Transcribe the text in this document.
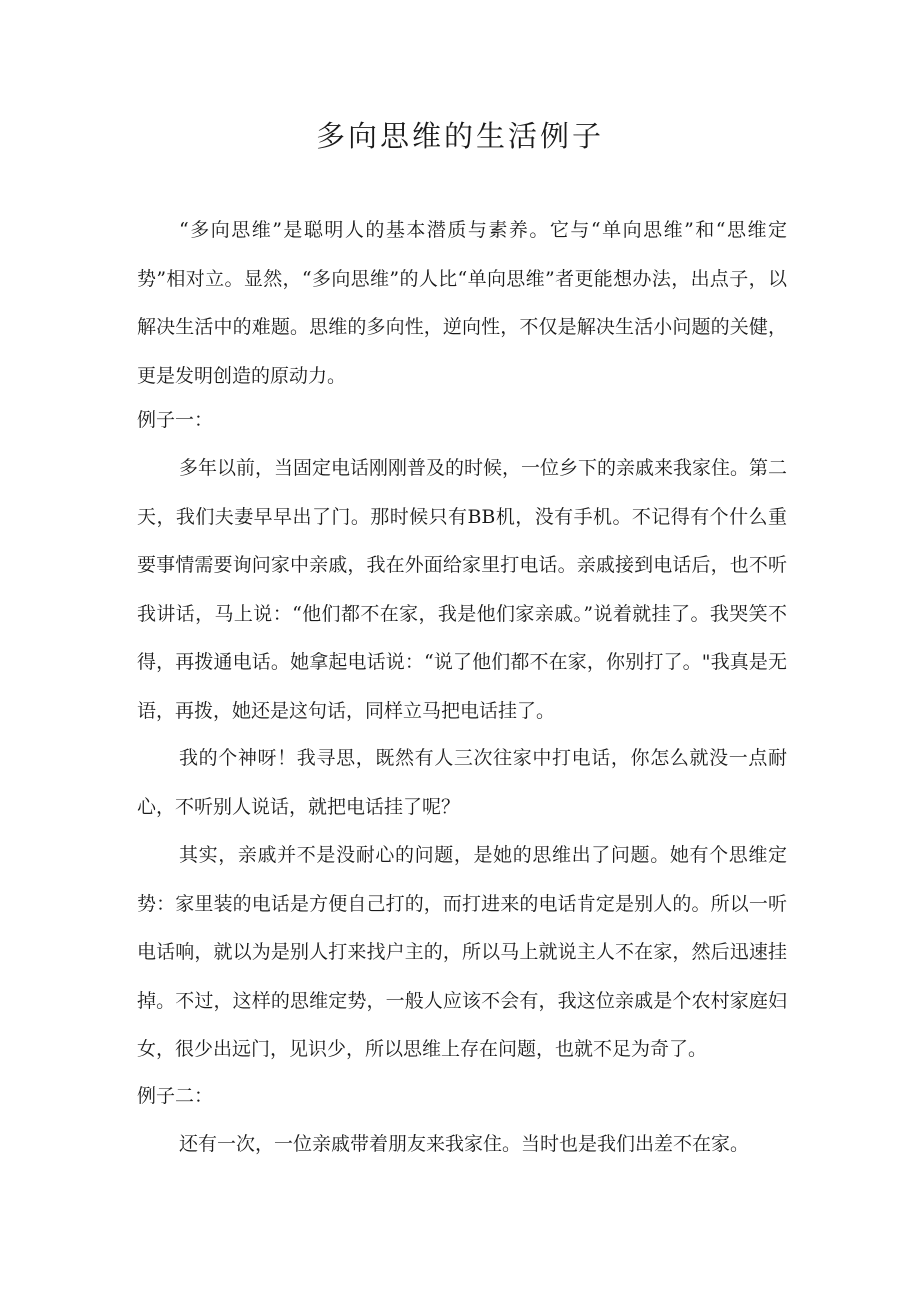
多向思维的生活例子

“多向思维”是聪明人的基本潜质与素养。它与“单向思维”和“思维定势”相对立。显然，“多向思维”的人比“单向思维”者更能想办法，出点子，以解决生活中的难题。思维的多向性，逆向性，不仅是解决生活小问题的关健，更是发明创造的原动力。

例子一：

多年以前，当固定电话刚刚普及的时候，一位乡下的亲戚来我家住。第二天，我们夫妻早早出了门。那时候只有BB机，没有手机。不记得有个什么重要事情需要询问家中亲戚，我在外面给家里打电话。亲戚接到电话后，也不听我讲话，马上说：“他们都不在家，我是他们家亲戚。”说着就挂了。我哭笑不得，再拨通电话。她拿起电话说：“说了他们都不在家，你别打了。"我真是无语，再拨，她还是这句话，同样立马把电话挂了。

我的个神呀！我寻思，既然有人三次往家中打电话，你怎么就没一点耐心，不听别人说话，就把电话挂了呢？

其实，亲戚并不是没耐心的问题，是她的思维出了问题。她有个思维定势：家里装的电话是方便自己打的，而打进来的电话肯定是别人的。所以一听电话响，就以为是别人打来找户主的，所以马上就说主人不在家，然后迅速挂掉。不过，这样的思维定势，一般人应该不会有，我这位亲戚是个农村家庭妇女，很少出远门，见识少，所以思维上存在问题，也就不足为奇了。

例子二：

还有一次，一位亲戚带着朋友来我家住。当时也是我们出差不在家。
